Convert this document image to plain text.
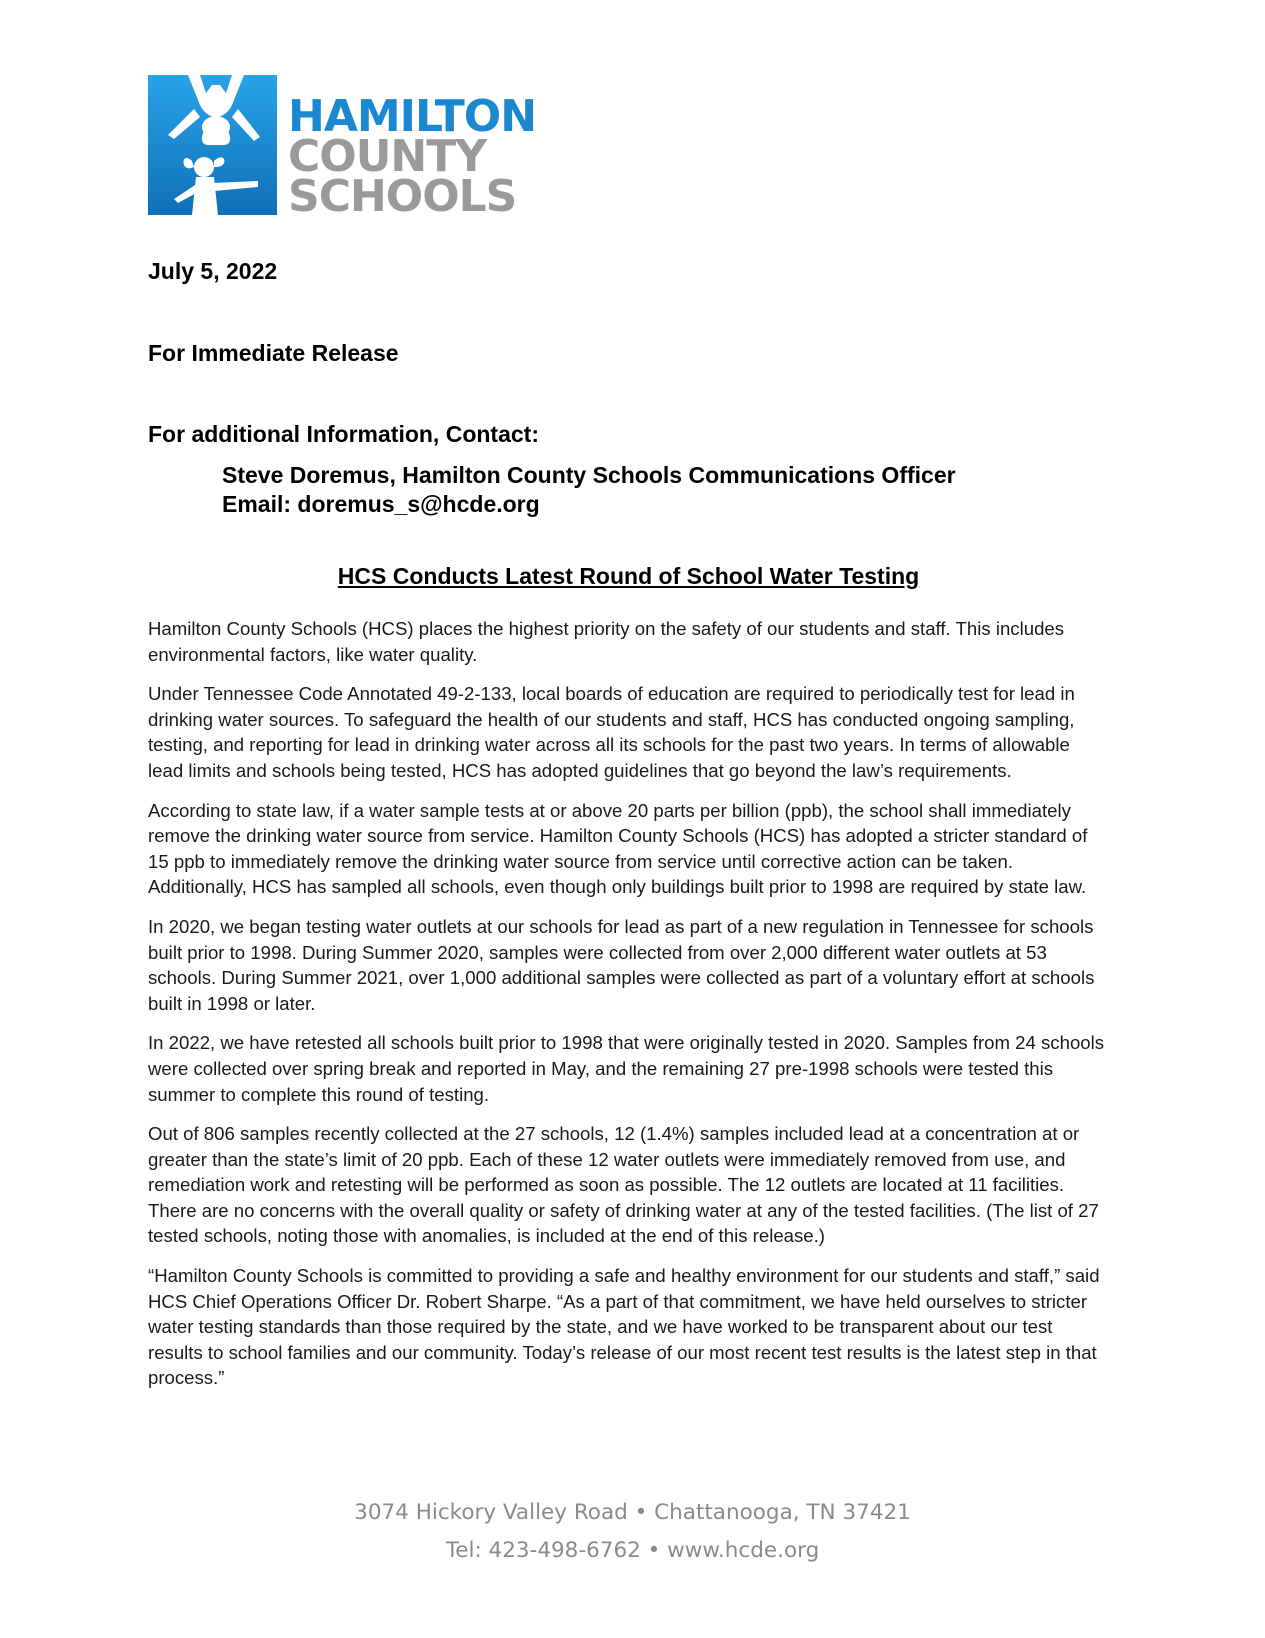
HAMILTON
COUNTY
SCHOOLS

July 5, 2022

For Immediate Release

For additional Information, Contact:

Steve Doremus, Hamilton County Schools Communications Officer
Email: doremus_s@hcde.org
HCS Conducts Latest Round of School Water Testing

Hamilton County Schools (HCS) places the highest priority on the safety of our students and staff. This includes environmental factors, like water quality.

Under Tennessee Code Annotated 49-2-133, local boards of education are required to periodically test for lead in drinking water sources. To safeguard the health of our students and staff, HCS has conducted ongoing sampling, testing, and reporting for lead in drinking water across all its schools for the past two years. In terms of allowable lead limits and schools being tested, HCS has adopted guidelines that go beyond the law’s requirements.

According to state law, if a water sample tests at or above 20 parts per billion (ppb), the school shall immediately remove the drinking water source from service. Hamilton County Schools (HCS) has adopted a stricter standard of 15 ppb to immediately remove the drinking water source from service until corrective action can be taken. Additionally, HCS has sampled all schools, even though only buildings built prior to 1998 are required by state law.

In 2020, we began testing water outlets at our schools for lead as part of a new regulation in Tennessee for schools built prior to 1998. During Summer 2020, samples were collected from over 2,000 different water outlets at 53 schools. During Summer 2021, over 1,000 additional samples were collected as part of a voluntary effort at schools built in 1998 or later.

In 2022, we have retested all schools built prior to 1998 that were originally tested in 2020. Samples from 24 schools were collected over spring break and reported in May, and the remaining 27 pre-1998 schools were tested this summer to complete this round of testing.

Out of 806 samples recently collected at the 27 schools, 12 (1.4%) samples included lead at a concentration at or greater than the state’s limit of 20 ppb. Each of these 12 water outlets were immediately removed from use, and remediation work and retesting will be performed as soon as possible. The 12 outlets are located at 11 facilities. There are no concerns with the overall quality or safety of drinking water at any of the tested facilities. (The list of 27 tested schools, noting those with anomalies, is included at the end of this release.)

“Hamilton County Schools is committed to providing a safe and healthy environment for our students and staff,” said HCS Chief Operations Officer Dr. Robert Sharpe. “As a part of that commitment, we have held ourselves to stricter water testing standards than those required by the state, and we have worked to be transparent about our test results to school families and our community. Today’s release of our most recent test results is the latest step in that process.”

3074 Hickory Valley Road • Chattanooga, TN 37421
Tel: 423-498-6762 • www.hcde.org
